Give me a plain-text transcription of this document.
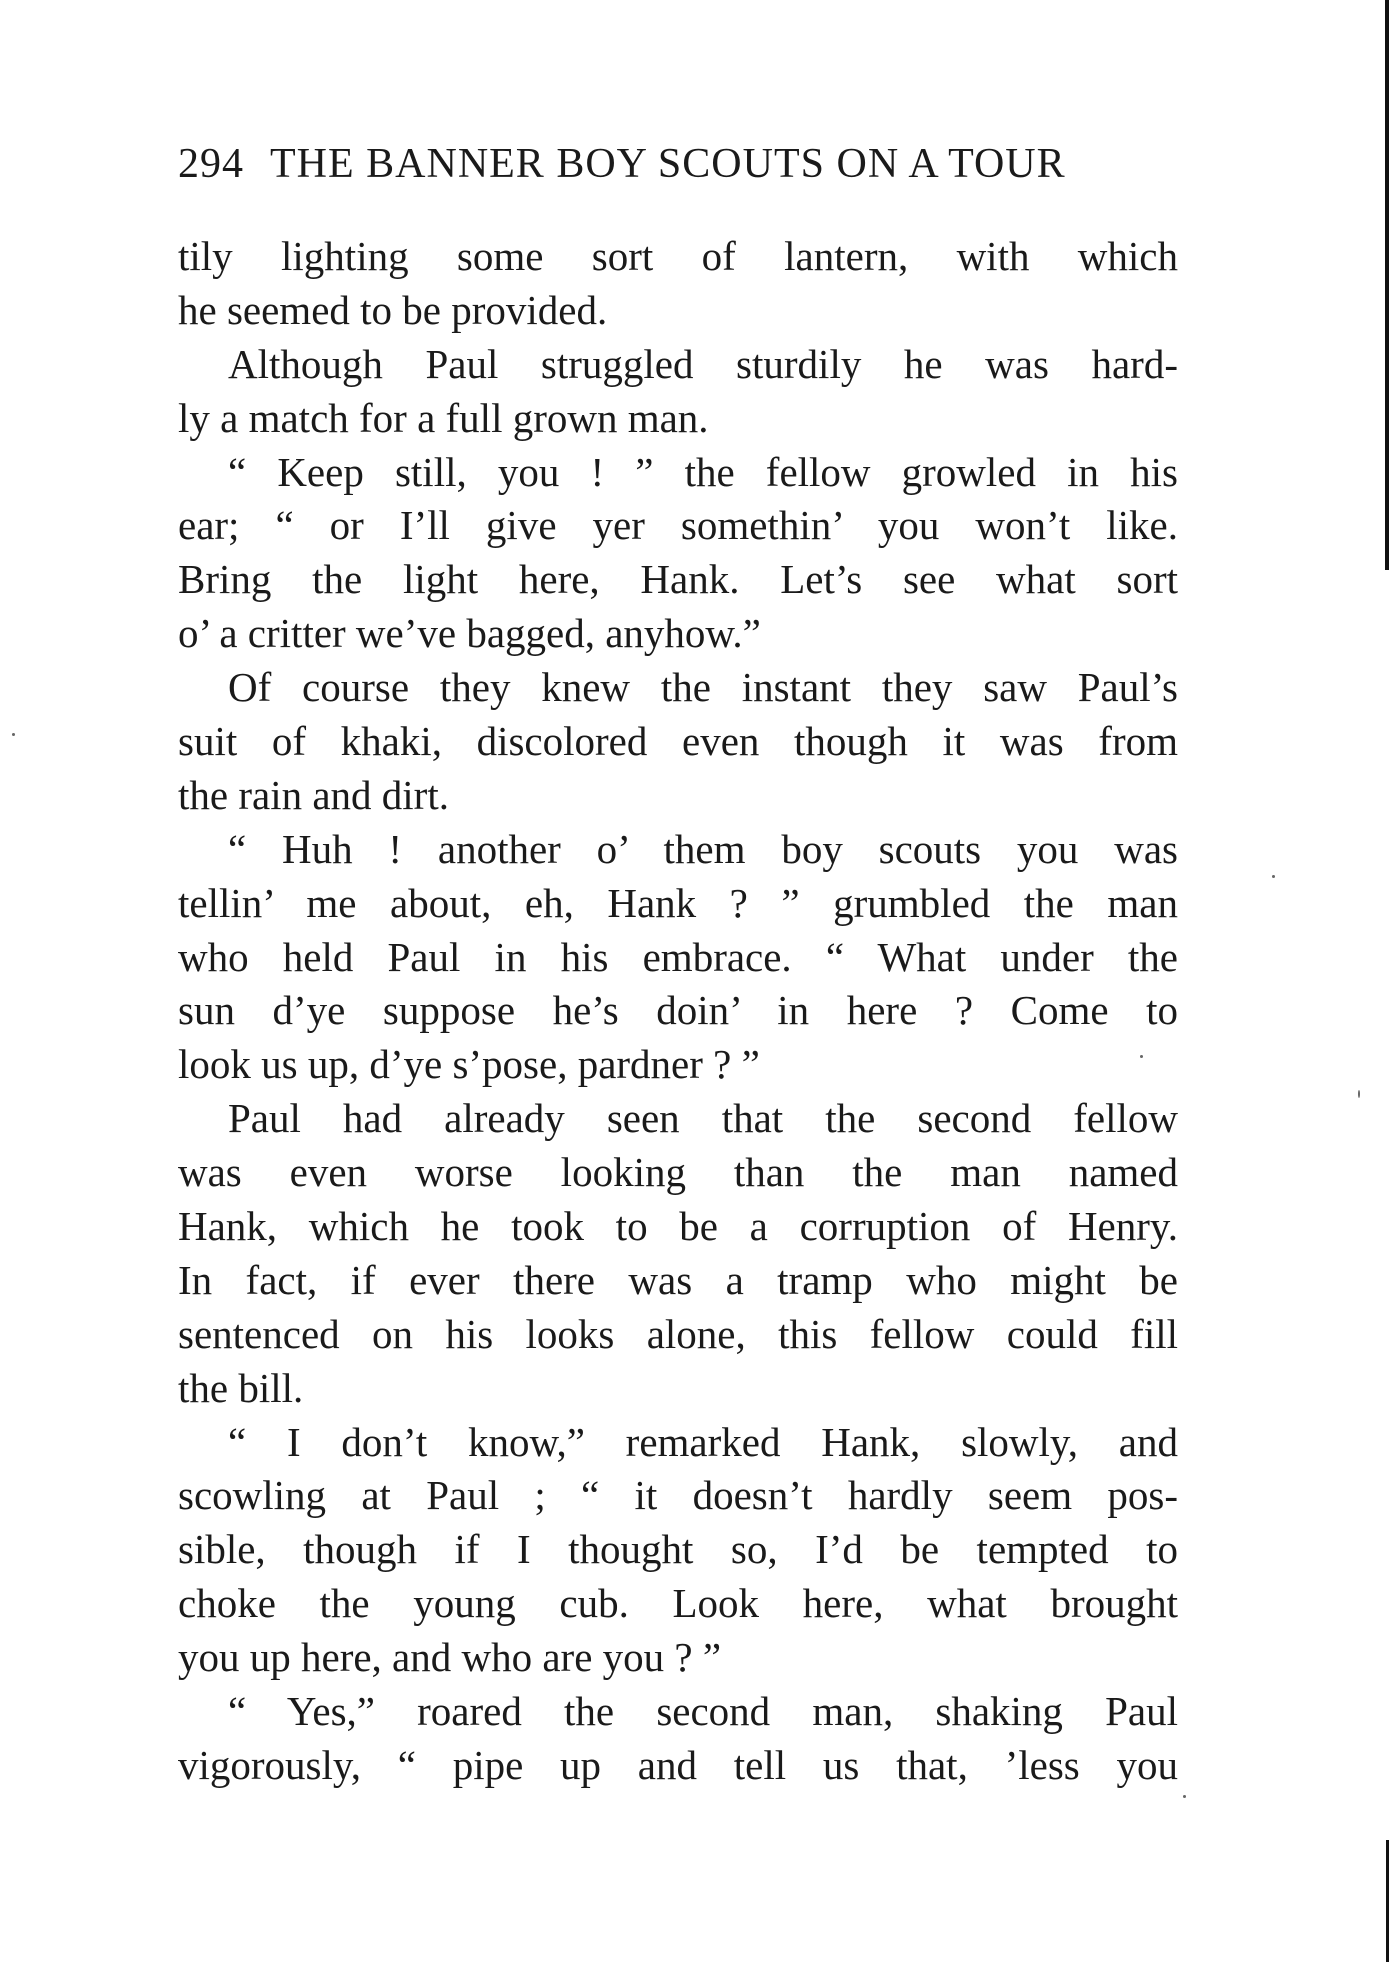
294 THE BANNER BOY SCOUTS ON A TOUR
tily lighting some sort of lantern, with which
he seemed to be provided.
Although Paul struggled sturdily he was hard-
ly a match for a full grown man.
“ Keep still, you ! ” the fellow growled in his
ear; “ or I’ll give yer somethin’ you won’t like.
Bring the light here, Hank. Let’s see what sort
o’ a critter we’ve bagged, anyhow.”
Of course they knew the instant they saw Paul’s
suit of khaki, discolored even though it was from
the rain and dirt.
“ Huh ! another o’ them boy scouts you was
tellin’ me about, eh, Hank ? ” grumbled the man
who held Paul in his embrace. “ What under the
sun d’ye suppose he’s doin’ in here ? Come to
look us up, d’ye s’pose, pardner ? ”
Paul had already seen that the second fellow
was even worse looking than the man named
Hank, which he took to be a corruption of Henry.
In fact, if ever there was a tramp who might be
sentenced on his looks alone, this fellow could fill
the bill.
“ I don’t know,” remarked Hank, slowly, and
scowling at Paul ; “ it doesn’t hardly seem pos-
sible, though if I thought so, I’d be tempted to
choke the young cub. Look here, what brought
you up here, and who are you ? ”
“ Yes,” roared the second man, shaking Paul
vigorously, “ pipe up and tell us that, ’less you
